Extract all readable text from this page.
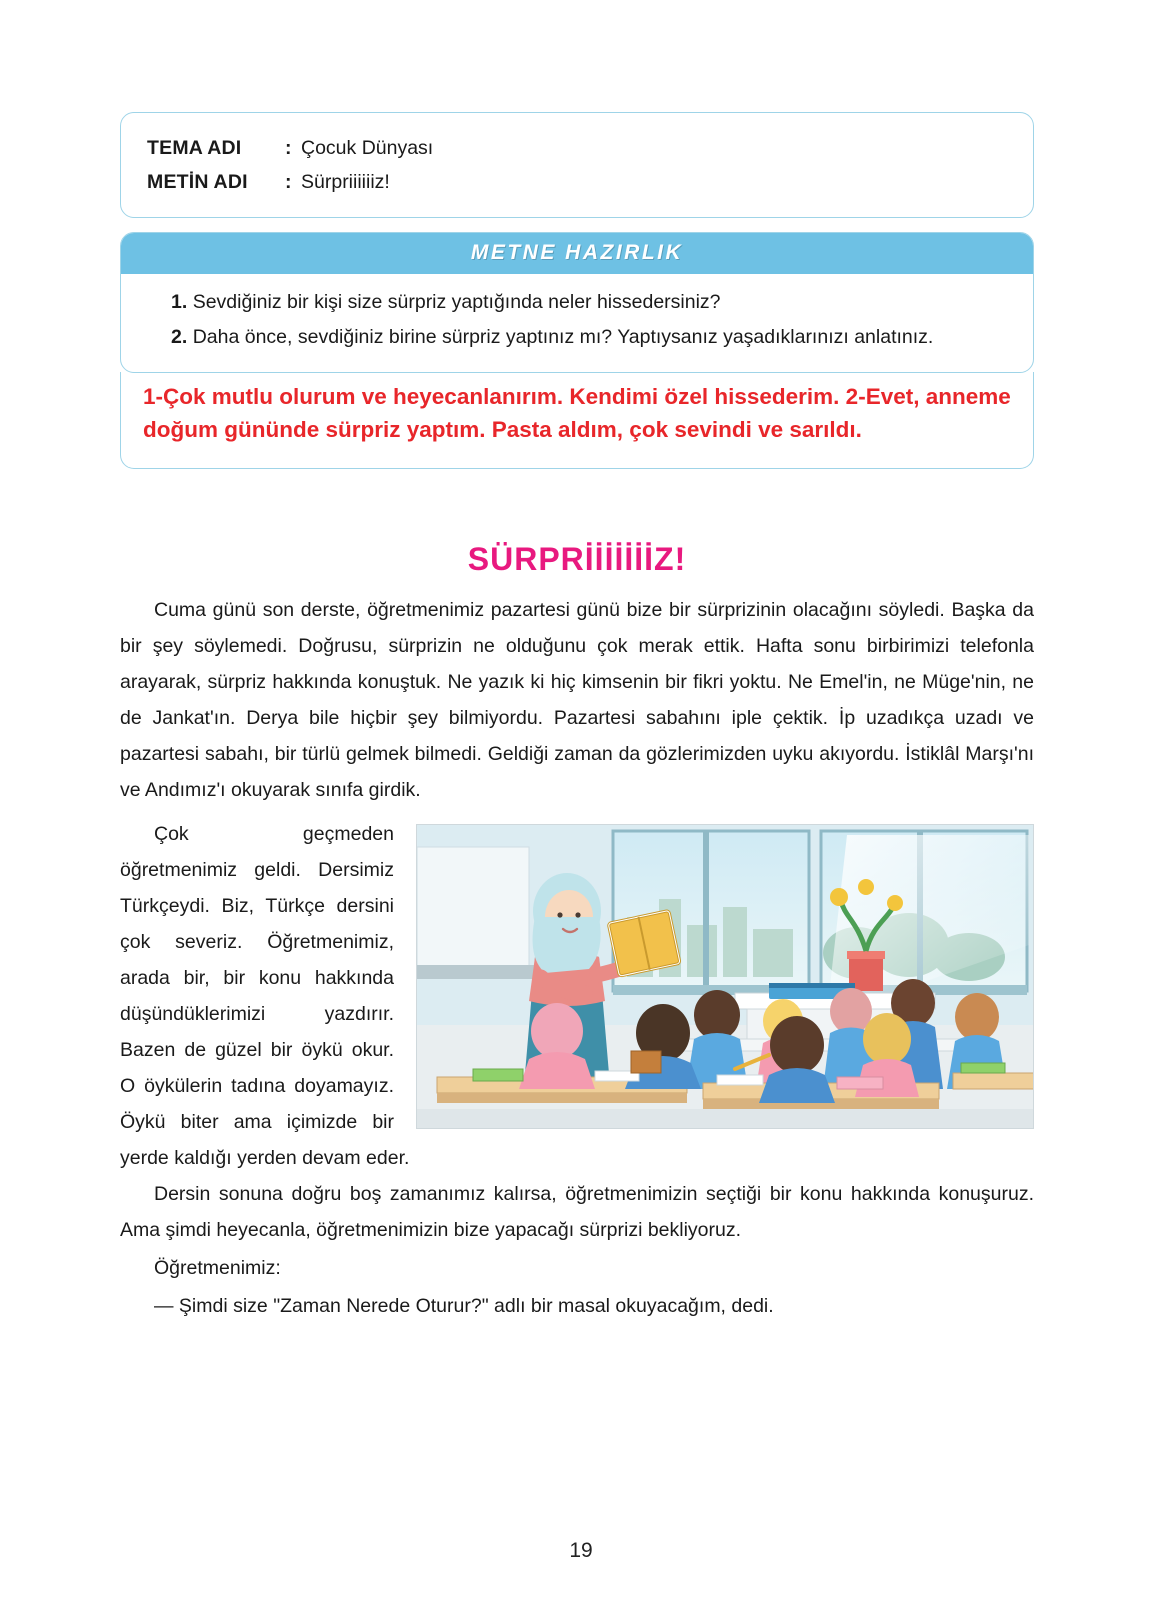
TEMA ADI	: Çocuk Dünyası
METİN ADI	: Sürpriiiiiiz!
METNE HAZIRLIK

1. Sevdiğiniz bir kişi size sürpriz yaptığında neler hissedersiniz?

2. Daha önce, sevdiğiniz birine sürpriz yaptınız mı? Yaptıysanız yaşadıklarınızı anlatınız.

1-Çok mutlu olurum ve heyecanlanırım. Kendimi özel hissederim. 2-Evet, anneme doğum gününde sürpriz yaptım. Pasta aldım, çok sevindi ve sarıldı.

SÜRPRİİİİİİİZ!

Cuma günü son derste, öğretmenimiz pazartesi günü bize bir sürprizinin olacağını söyledi. Başka da bir şey söylemedi. Doğrusu, sürprizin ne olduğunu çok merak ettik. Hafta sonu birbirimizi telefonla arayarak, sürpriz hakkında konuştuk. Ne yazık ki hiç kimsenin bir fikri yoktu. Ne Emel'in, ne Müge'nin, ne de Jankat'ın. Derya bile hiçbir şey bilmiyordu. Pazartesi sabahını iple çektik. İp uzadıkça uzadı ve pazartesi sabahı, bir türlü gelmek bilmedi. Geldiği zaman da gözlerimizden uyku akıyordu. İstiklâl Marşı'nı ve Andımız'ı okuyarak sınıfa girdik.

Çok geçmeden öğretmenimiz geldi. Dersimiz Türkçeydi. Biz, Türkçe dersini çok severiz. Öğretmenimiz, arada bir, bir konu hakkında düşündüklerimizi yazdırır. Bazen de güzel bir öykü okur. O öykülerin tadına doyamayız. Öykü biter ama içimizde bir yerde kaldığı yerden devam eder.

Dersin sonuna doğru boş zamanımız kalırsa, öğretmenimizin seçtiği bir konu hakkında konuşuruz. Ama şimdi heyecanla, öğretmenimizin bize yapacağı sürprizi bekliyoruz.

Öğretmenimiz:

— Şimdi size "Zaman Nerede Oturur?" adlı bir masal okuyacağım, dedi.

19
